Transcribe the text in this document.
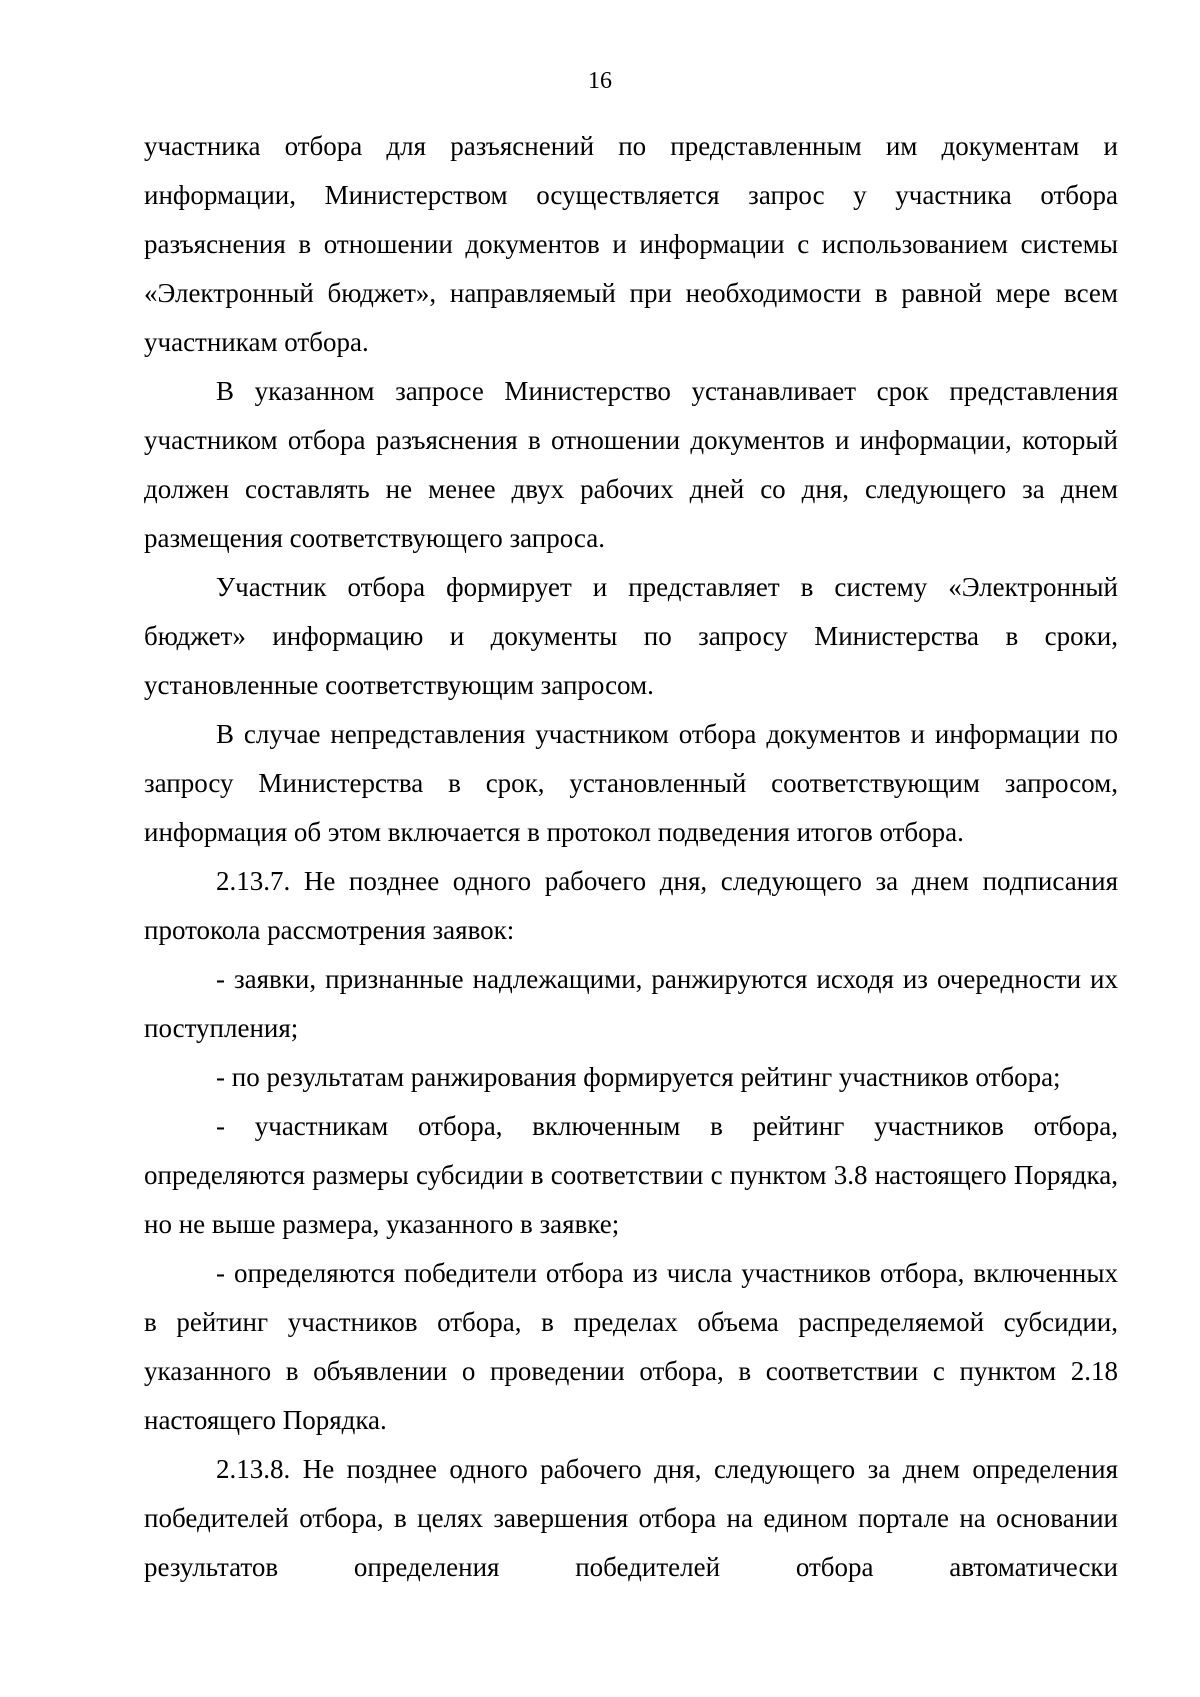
16

участника отбора для разъяснений по представленным им документам и информации, Министерством осуществляется запрос у участника отбора разъяснения в отношении документов и информации с использованием системы «Электронный бюджет», направляемый при необходимости в равной мере всем участникам отбора.

В указанном запросе Министерство устанавливает срок представления участником отбора разъяснения в отношении документов и информации, который должен составлять не менее двух рабочих дней со дня, следующего за днем размещения соответствующего запроса.

Участник отбора формирует и представляет в систему «Электронный бюджет» информацию и документы по запросу Министерства в сроки, установленные соответствующим запросом.

В случае непредставления участником отбора документов и информации по запросу Министерства в срок, установленный соответствующим запросом, информация об этом включается в протокол подведения итогов отбора.

2.13.7. Не позднее одного рабочего дня, следующего за днем подписания протокола рассмотрения заявок:

- заявки, признанные надлежащими, ранжируются исходя из очередности их поступления;

- по результатам ранжирования формируется рейтинг участников отбора;

- участникам отбора, включенным в рейтинг участников отбора, определяются размеры субсидии в соответствии с пунктом 3.8 настоящего Порядка, но не выше размера, указанного в заявке;

- определяются победители отбора из числа участников отбора, включенных в рейтинг участников отбора, в пределах объема распределяемой субсидии, указанного в объявлении о проведении отбора, в соответствии с пунктом 2.18 настоящего Порядка.

2.13.8. Не позднее одного рабочего дня, следующего за днем определения победителей отбора, в целях завершения отбора на едином портале на основании результатов определения победителей отбора автоматически
